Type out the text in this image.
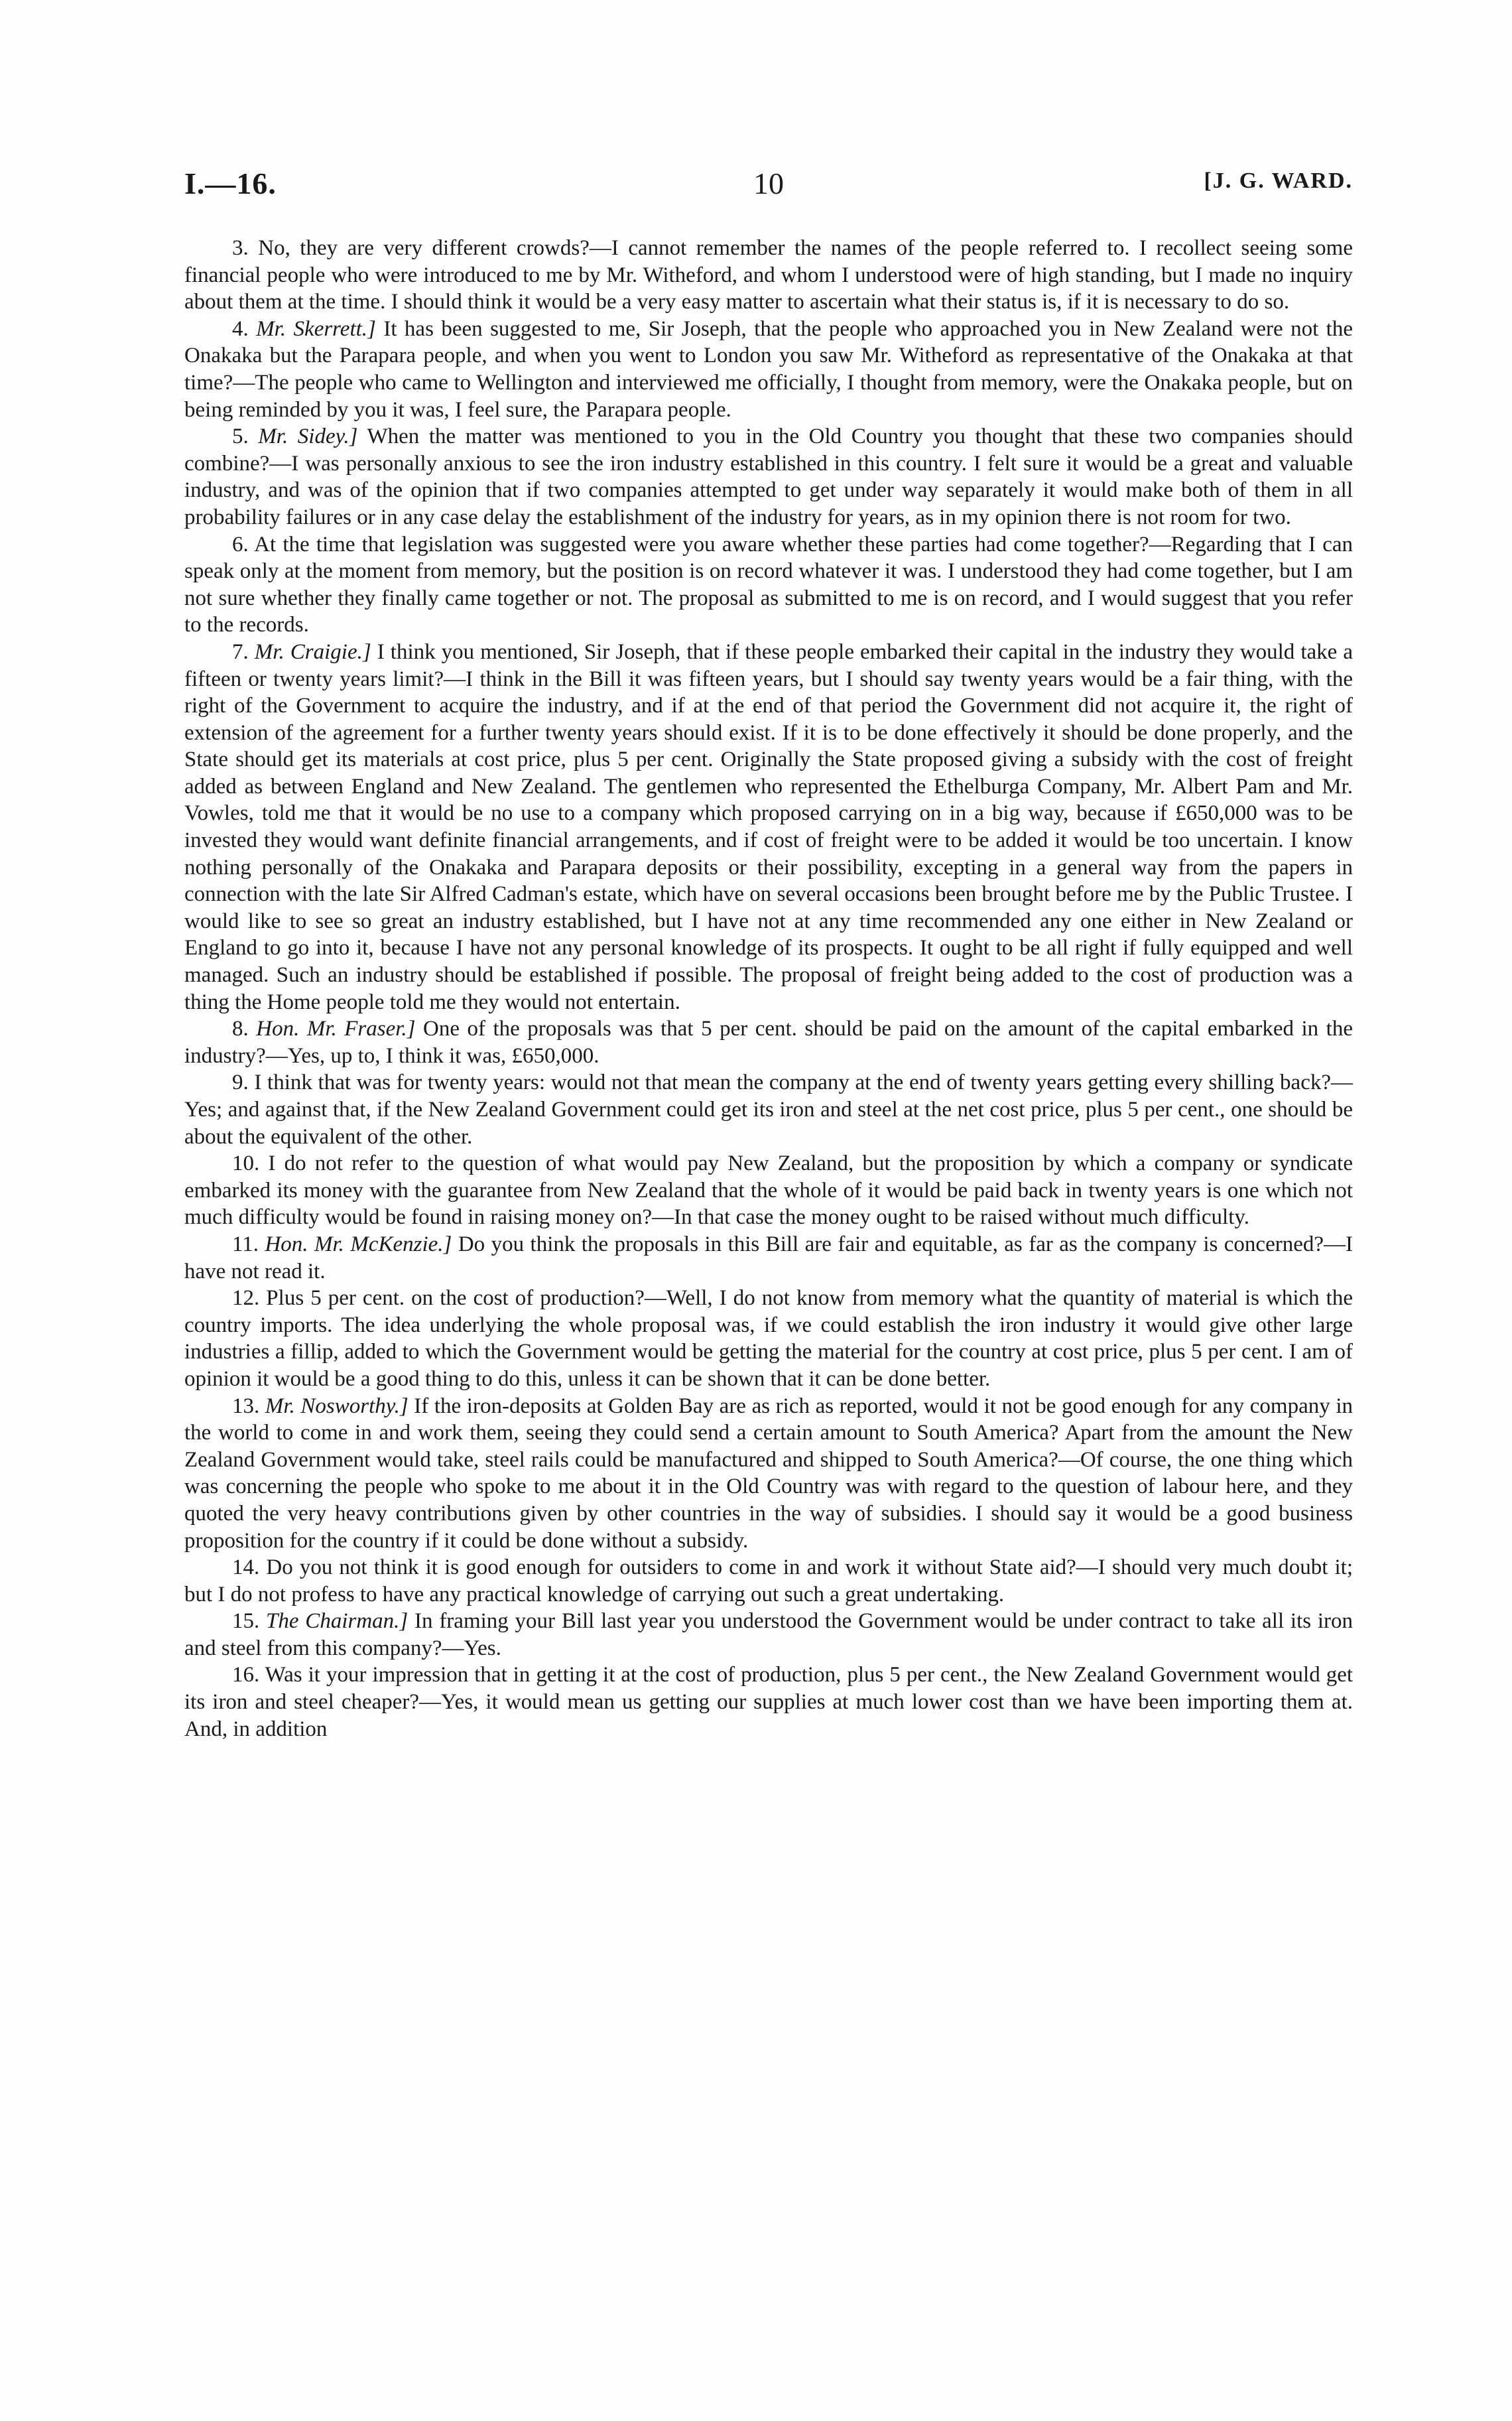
I.—16.	10	[J. G. WARD.

3. No, they are very different crowds?—I cannot remember the names of the people referred to. I recollect seeing some financial people who were introduced to me by Mr. Witheford, and whom I understood were of high standing, but I made no inquiry about them at the time. I should think it would be a very easy matter to ascertain what their status is, if it is necessary to do so.

4. Mr. Skerrett.] It has been suggested to me, Sir Joseph, that the people who approached you in New Zealand were not the Onakaka but the Parapara people, and when you went to London you saw Mr. Witheford as representative of the Onakaka at that time?—The people who came to Wellington and interviewed me officially, I thought from memory, were the Onakaka people, but on being reminded by you it was, I feel sure, the Parapara people.

5. Mr. Sidey.] When the matter was mentioned to you in the Old Country you thought that these two companies should combine?—I was personally anxious to see the iron industry established in this country. I felt sure it would be a great and valuable industry, and was of the opinion that if two companies attempted to get under way separately it would make both of them in all probability failures or in any case delay the establishment of the industry for years, as in my opinion there is not room for two.

6. At the time that legislation was suggested were you aware whether these parties had come together?—Regarding that I can speak only at the moment from memory, but the position is on record whatever it was. I understood they had come together, but I am not sure whether they finally came together or not. The proposal as submitted to me is on record, and I would suggest that you refer to the records.

7. Mr. Craigie.] I think you mentioned, Sir Joseph, that if these people embarked their capital in the industry they would take a fifteen or twenty years limit?—I think in the Bill it was fifteen years, but I should say twenty years would be a fair thing, with the right of the Government to acquire the industry, and if at the end of that period the Government did not acquire it, the right of extension of the agreement for a further twenty years should exist. If it is to be done effectively it should be done properly, and the State should get its materials at cost price, plus 5 per cent. Originally the State proposed giving a subsidy with the cost of freight added as between England and New Zealand. The gentlemen who represented the Ethelburga Company, Mr. Albert Pam and Mr. Vowles, told me that it would be no use to a company which proposed carrying on in a big way, because if £650,000 was to be invested they would want definite financial arrangements, and if cost of freight were to be added it would be too uncertain. I know nothing personally of the Onakaka and Parapara deposits or their possibility, excepting in a general way from the papers in connection with the late Sir Alfred Cadman's estate, which have on several occasions been brought before me by the Public Trustee. I would like to see so great an industry established, but I have not at any time recommended any one either in New Zealand or England to go into it, because I have not any personal knowledge of its prospects. It ought to be all right if fully equipped and well managed. Such an industry should be established if possible. The proposal of freight being added to the cost of production was a thing the Home people told me they would not entertain.

8. Hon. Mr. Fraser.] One of the proposals was that 5 per cent. should be paid on the amount of the capital embarked in the industry?—Yes, up to, I think it was, £650,000.

9. I think that was for twenty years: would not that mean the company at the end of twenty years getting every shilling back?—Yes; and against that, if the New Zealand Government could get its iron and steel at the net cost price, plus 5 per cent., one should be about the equivalent of the other.

10. I do not refer to the question of what would pay New Zealand, but the proposition by which a company or syndicate embarked its money with the guarantee from New Zealand that the whole of it would be paid back in twenty years is one which not much difficulty would be found in raising money on?—In that case the money ought to be raised without much difficulty.

11. Hon. Mr. McKenzie.] Do you think the proposals in this Bill are fair and equitable, as far as the company is concerned?—I have not read it.

12. Plus 5 per cent. on the cost of production?—Well, I do not know from memory what the quantity of material is which the country imports. The idea underlying the whole proposal was, if we could establish the iron industry it would give other large industries a fillip, added to which the Government would be getting the material for the country at cost price, plus 5 per cent. I am of opinion it would be a good thing to do this, unless it can be shown that it can be done better.

13. Mr. Nosworthy.] If the iron-deposits at Golden Bay are as rich as reported, would it not be good enough for any company in the world to come in and work them, seeing they could send a certain amount to South America? Apart from the amount the New Zealand Government would take, steel rails could be manufactured and shipped to South America?—Of course, the one thing which was concerning the people who spoke to me about it in the Old Country was with regard to the question of labour here, and they quoted the very heavy contributions given by other countries in the way of subsidies. I should say it would be a good business proposition for the country if it could be done without a subsidy.

14. Do you not think it is good enough for outsiders to come in and work it without State aid?—I should very much doubt it; but I do not profess to have any practical knowledge of carrying out such a great undertaking.

15. The Chairman.] In framing your Bill last year you understood the Government would be under contract to take all its iron and steel from this company?—Yes.

16. Was it your impression that in getting it at the cost of production, plus 5 per cent., the New Zealand Government would get its iron and steel cheaper?—Yes, it would mean us getting our supplies at much lower cost than we have been importing them at. And, in addition
